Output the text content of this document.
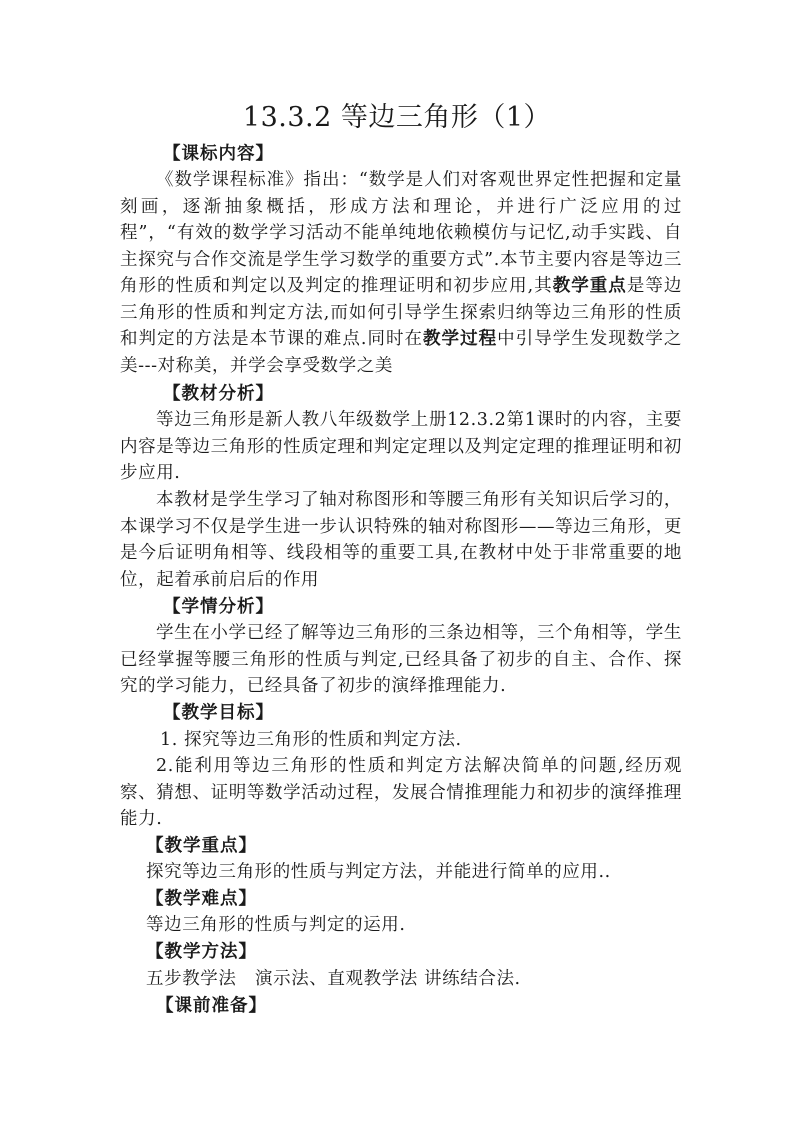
13.3.2 等边三角形（1）
【课标内容】

《数学课程标准》指出：“数学是人们对客观世界定性把握和定量刻画，逐渐抽象概括，形成方法和理论，并进行广泛应用的过程”，“有效的数学学习活动不能单纯地依赖模仿与记忆,动手实践、自主探究与合作交流是学生学习数学的重要方式”.本节主要内容是等边三角形的性质和判定以及判定的推理证明和初步应用,其教学重点是等边三角形的性质和判定方法,而如何引导学生探索归纳等边三角形的性质和判定的方法是本节课的难点.同时在教学过程中引导学生发现数学之美---对称美，并学会享受数学之美

【教材分析】

等边三角形是新人教八年级数学上册12.3.2第1课时的内容，主要内容是等边三角形的性质定理和判定定理以及判定定理的推理证明和初步应用.

本教材是学生学习了轴对称图形和等腰三角形有关知识后学习的，本课学习不仅是学生进一步认识特殊的轴对称图形——等边三角形，更是今后证明角相等、线段相等的重要工具,在教材中处于非常重要的地位，起着承前启后的作用

【学情分析】

学生在小学已经了解等边三角形的三条边相等，三个角相等，学生已经掌握等腰三角形的性质与判定,已经具备了初步的自主、合作、探究的学习能力，已经具备了初步的演绎推理能力.

【教学目标】
1. 探究等边三角形的性质和判定方法.

2.能利用等边三角形的性质和判定方法解决简单的问题,经历观察、猜想、证明等数学活动过程，发展合情推理能力和初步的演绎推理能力.

【教学重点】
探究等边三角形的性质与判定方法，并能进行简单的应用..
【教学难点】
等边三角形的性质与判定的运用.
【教学方法】
五步教学法   演示法、直观教学法 讲练结合法.
【课前准备】
